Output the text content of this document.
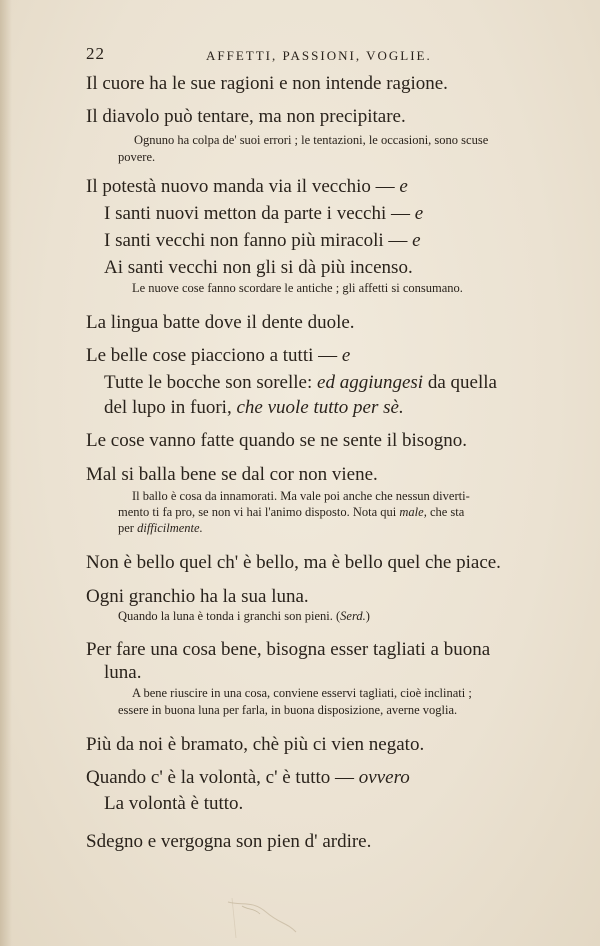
22	AFFETTI, PASSIONI, VOGLIE.
Il cuore ha le sue ragioni e non intende ragione.
Il diavolo può tentare, ma non precipitare.
Ognuno ha colpa de' suoi errori ; le tentazioni, le occasioni, sono scuse
povere.
Il potestà nuovo manda via il vecchio — e
I santi nuovi metton da parte i vecchi — e
I santi vecchi non fanno più miracoli — e
Ai santi vecchi non gli si dà più incenso.
Le nuove cose fanno scordare le antiche ; gli affetti si consumano.
La lingua batte dove il dente duole.
Le belle cose piacciono a tutti — e
Tutte le bocche son sorelle: ed aggiungesi da quella
del lupo in fuori, che vuole tutto per sè.
Le cose vanno fatte quando se ne sente il bisogno.
Mal si balla bene se dal cor non viene.
Il ballo è cosa da innamorati. Ma vale poi anche che nessun diverti-
mento ti fa pro, se non vi hai l'animo disposto. Nota qui male, che sta
per difficilmente.
Non è bello quel ch' è bello, ma è bello quel che piace.
Ogni granchio ha la sua luna.
Quando la luna è tonda i granchi son pieni. (Serd.)
Per fare una cosa bene, bisogna esser tagliati a buona
luna.
A bene riuscire in una cosa, conviene esservi tagliati, cioè inclinati ;
essere in buona luna per farla, in buona disposizione, averne voglia.
Più da noi è bramato, chè più ci vien negato.
Quando c' è la volontà, c' è tutto — ovvero
La volontà è tutto.
Sdegno e vergogna son pien d' ardire.
